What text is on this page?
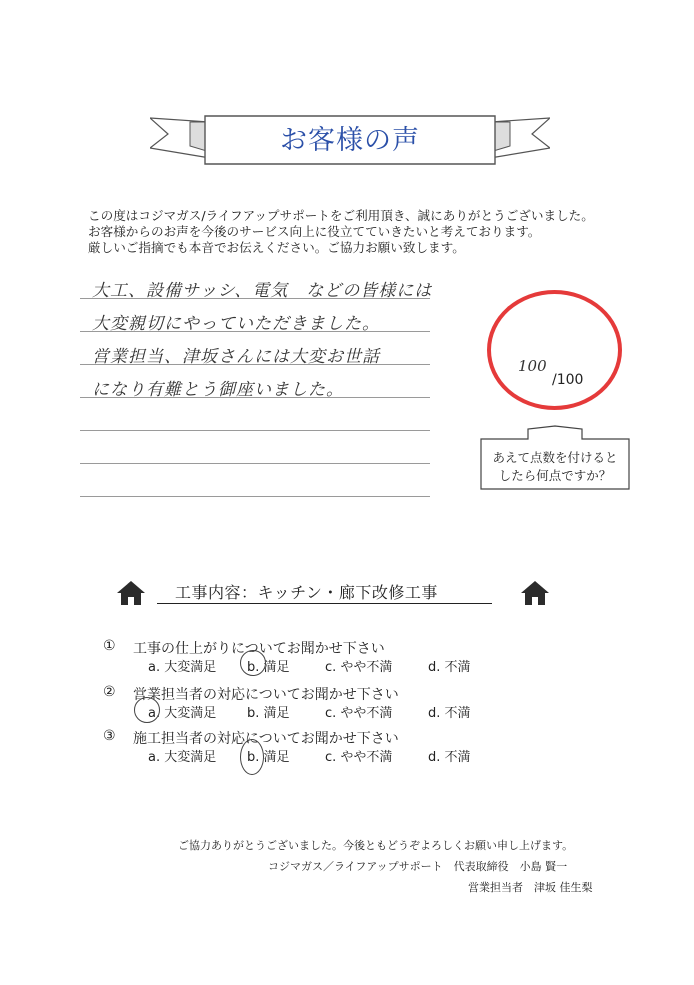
お客様の声
この度はコジマガス/ライフアップサポートをご利用頂き、誠にありがとうございました。
お客様からのお声を今後のサービス向上に役立てていきたいと考えております。
厳しいご指摘でも本音でお伝えください。ご協力お願い致します。
大工、設備サッシ、電気　などの皆様には
大変親切にやっていただきました。
営業担当、津坂さんには大変お世話
になり有難とう御座いました。
100
/100
あえて点数を付けると
したら何点ですか？
工事内容：キッチン・廊下改修工事
① 工事の仕上がりについてお聞かせ下さい
a. 大変満足 b. 満足	c. やや不満	d. 不満
② 営業担当者の対応についてお聞かせ下さい
a. 大変満足 b. 満足	c. やや不満	d. 不満
③ 施工担当者の対応についてお聞かせ下さい
a. 大変満足 b. 満足	c. やや不満	d. 不満
ご協力ありがとうございました。今後ともどうぞよろしくお願い申し上げます。
コジマガス／ライフアップサポート　代表取締役　小島 賢一
営業担当者　津坂 佳生梨
